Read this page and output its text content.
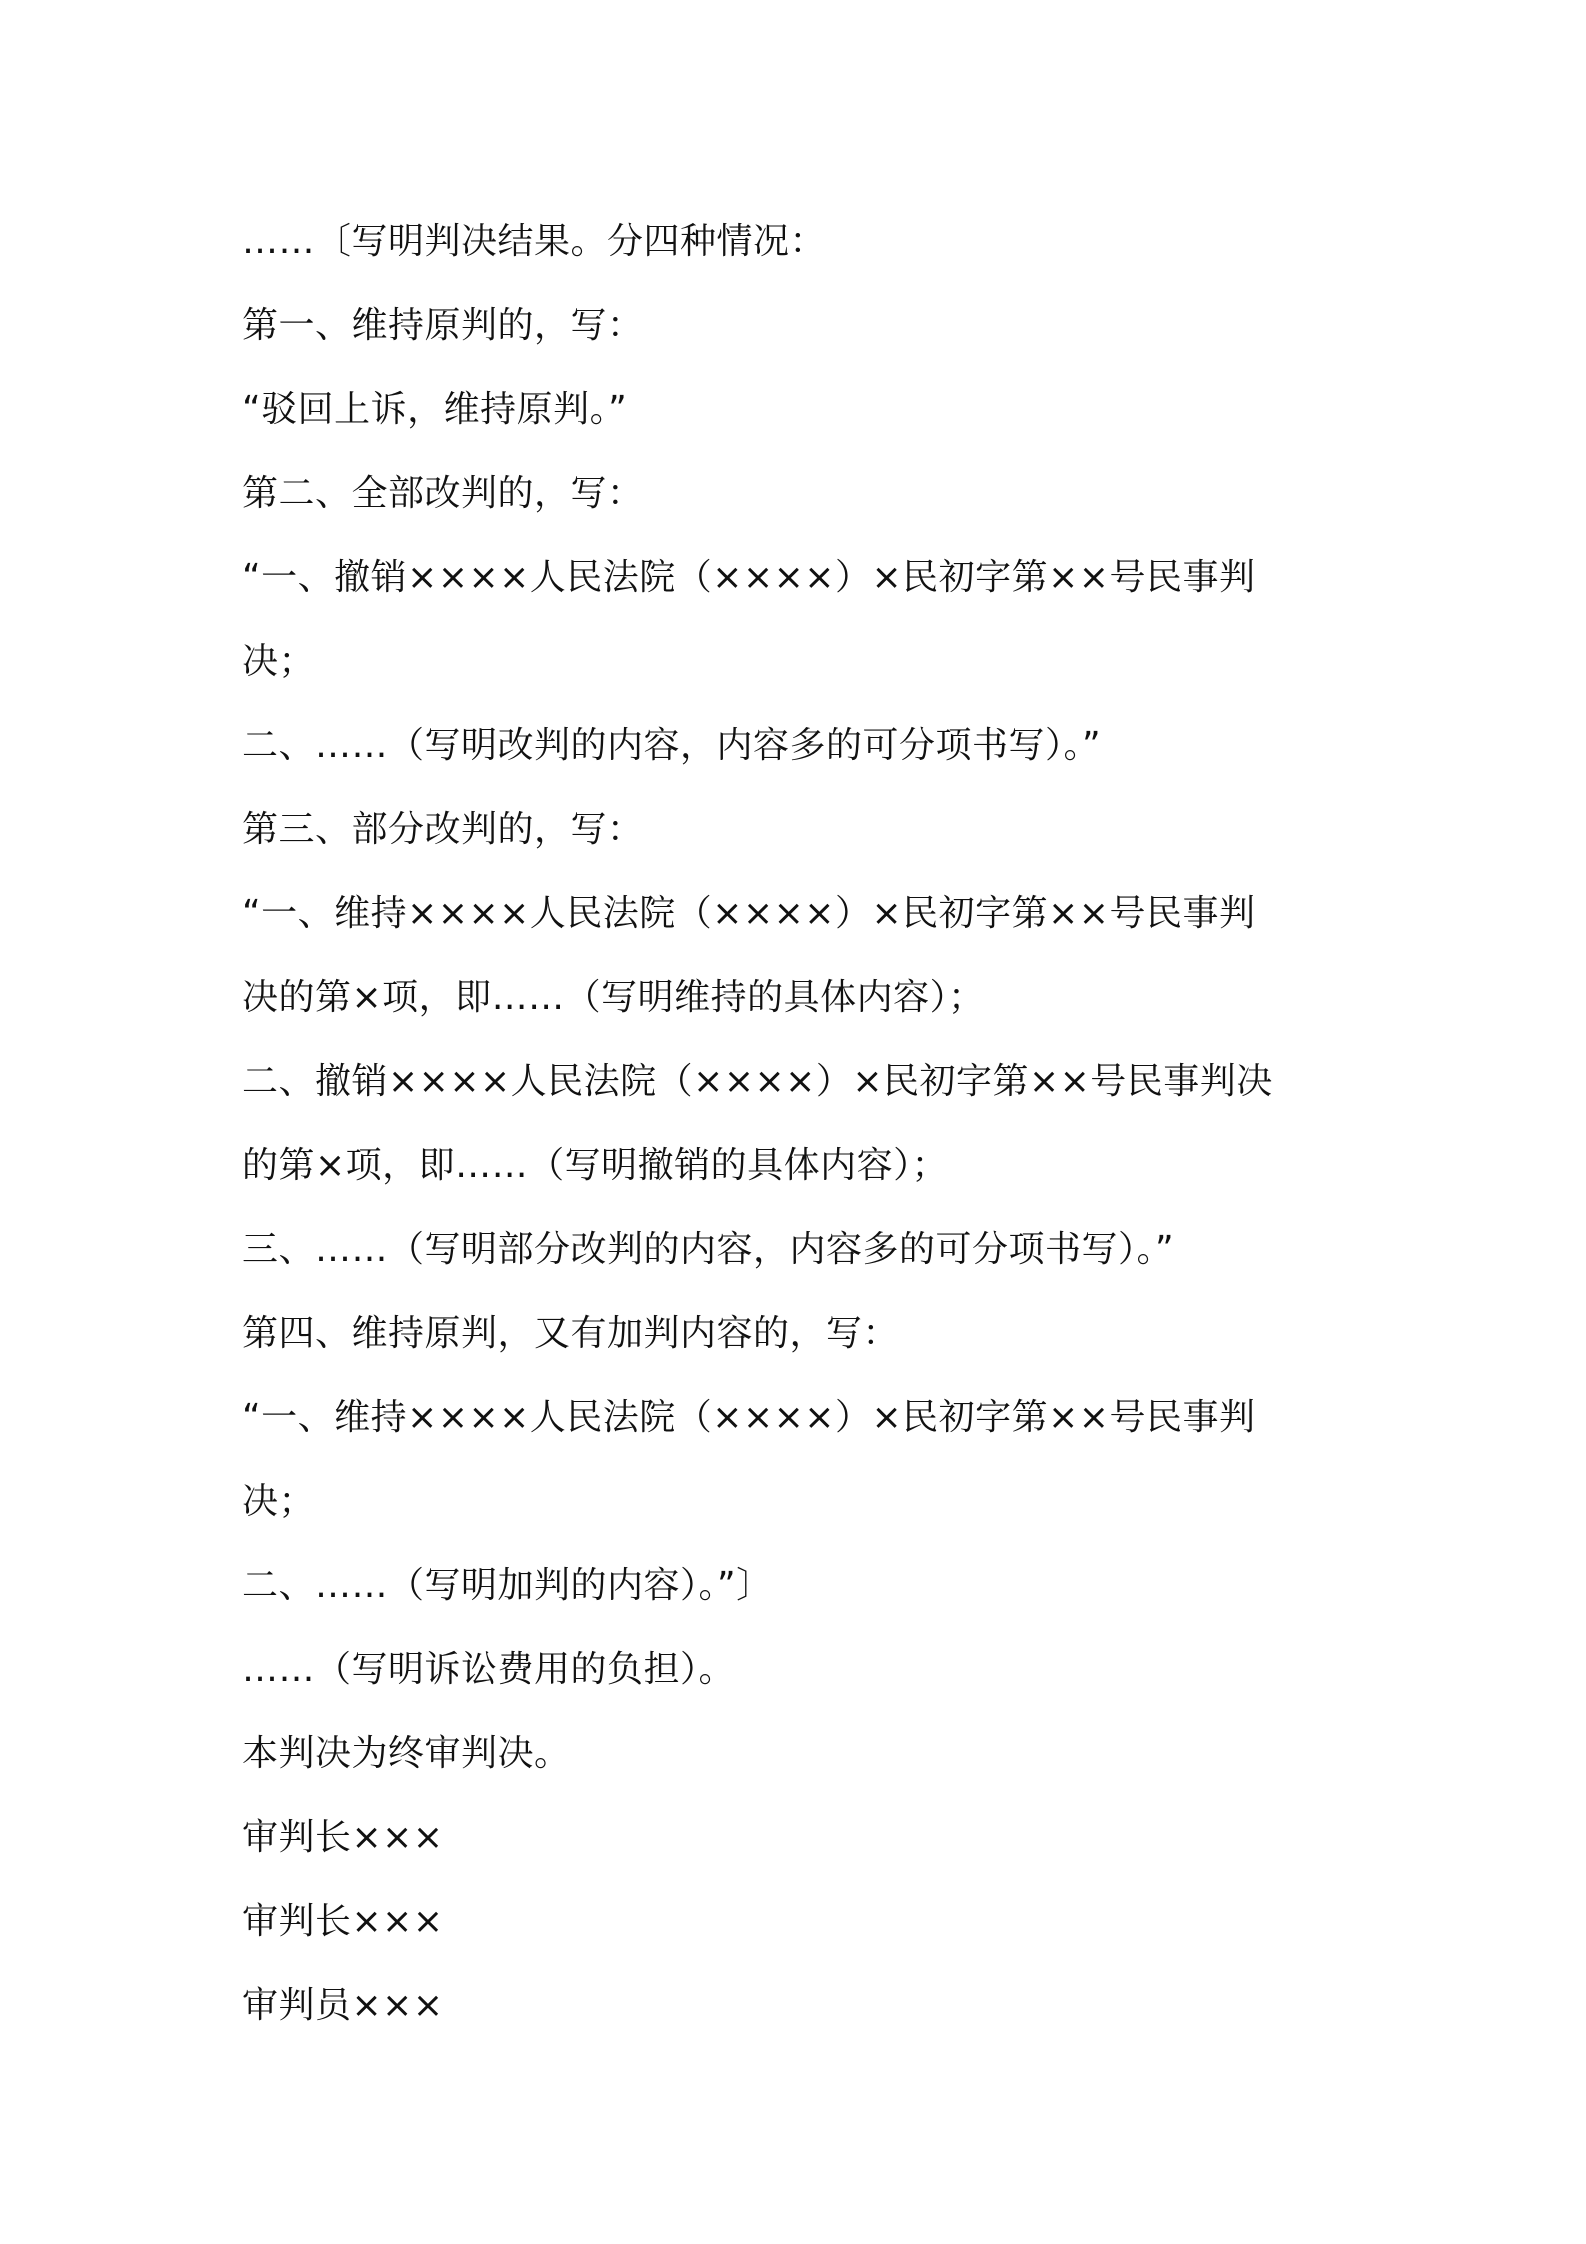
……〔写明判决结果。分四种情况：
第一、维持原判的，写：
“驳回上诉，维持原判。”
第二、全部改判的，写：
“一、撤销××××人民法院（××××）×民初字第××号民事判
决；
二、……（写明改判的内容，内容多的可分项书写）。”
第三、部分改判的，写：
“一、维持××××人民法院（××××）×民初字第××号民事判
决的第×项，即……（写明维持的具体内容）；
二、撤销××××人民法院（××××）×民初字第××号民事判决
的第×项，即……（写明撤销的具体内容）；
三、……（写明部分改判的内容，内容多的可分项书写）。”
第四、维持原判，又有加判内容的，写：
“一、维持××××人民法院（××××）×民初字第××号民事判
决；
二、……（写明加判的内容）。”〕
……（写明诉讼费用的负担）。
本判决为终审判决。
审判长×××
审判长×××
审判员×××
